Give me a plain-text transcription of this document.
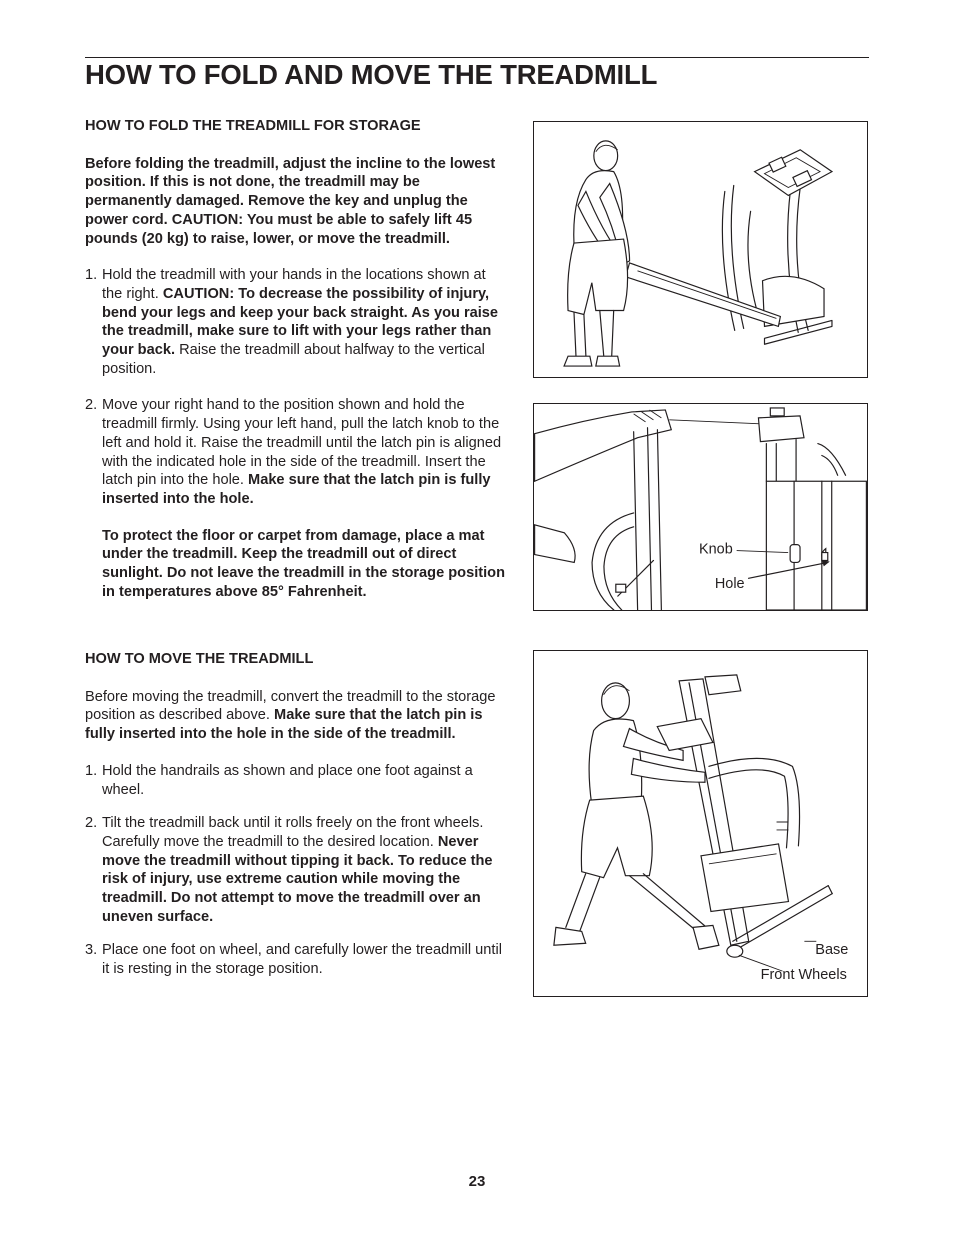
HOW TO FOLD AND MOVE THE TREADMILL

HOW TO FOLD THE TREADMILL FOR STORAGE

Before folding the treadmill, adjust the incline to the lowest position. If this is not done, the treadmill may be permanently damaged. Remove the key and unplug the power cord. CAUTION: You must be able to safely lift 45 pounds (20 kg) to raise, lower, or move the treadmill.

1. Hold the treadmill with your hands in the locations shown at the right. CAUTION: To decrease the possibility of injury, bend your legs and keep your back straight. As you raise the treadmill, make sure to lift with your legs rather than your back. Raise the treadmill about halfway to the vertical position.
2. Move your right hand to the position shown and hold the treadmill firmly. Using your left hand, pull the latch knob to the left and hold it. Raise the treadmill until the latch pin is aligned with the indicated hole in the side of the treadmill. Insert the latch pin into the hole. Make sure that the latch pin is fully inserted into the hole.

To protect the floor or carpet from damage, place a mat under the treadmill. Keep the treadmill out of direct sunlight. Do not leave the treadmill in the storage position in temperatures above 85° Fahrenheit.

HOW TO MOVE THE TREADMILL

Before moving the treadmill, convert the treadmill to the storage position as described above. Make sure that the latch pin is fully inserted into the hole in the side of the treadmill.

1. Hold the handrails as shown and place one foot against a wheel.
2. Tilt the treadmill back until it rolls freely on the front wheels. Carefully move the treadmill to the desired location. Never move the treadmill without tipping it back. To reduce the risk of injury, use extreme caution while moving the treadmill. Do not attempt to move the treadmill over an uneven surface.
3. Place one foot on wheel, and carefully lower the treadmill until it is resting in the storage position.
Knob
Hole
Base
Front Wheels
23
